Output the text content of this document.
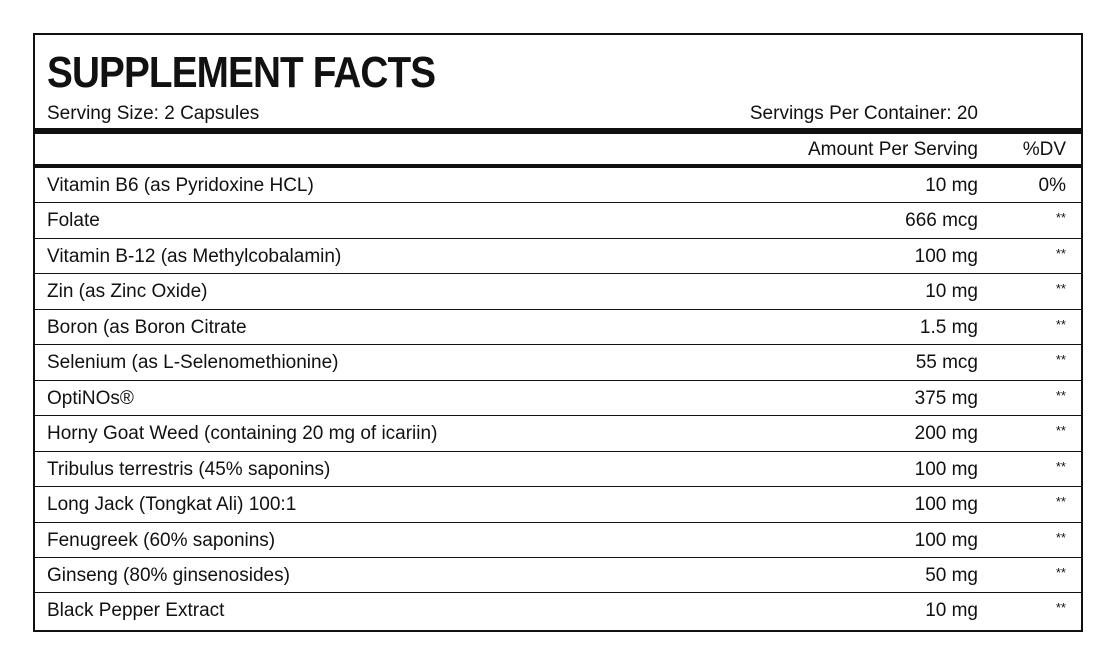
SUPPLEMENT FACTS
Serving Size: 2 Capsules	Servings Per Container: 20
Amount Per Serving %DV
Vitamin B6 (as Pyridoxine HCL)	10 mg	0%
Folate	666 mcg	**
Vitamin B-12 (as Methylcobalamin)	100 mg	**
Zin (as Zinc Oxide)	10 mg	**
Boron (as Boron Citrate	1.5 mg	**
Selenium (as L-Selenomethionine)	55 mcg	**
OptiNOs®	375 mg	**
Horny Goat Weed (containing 20 mg of icariin)	200 mg	**
Tribulus terrestris (45% saponins)	100 mg	**
Long Jack (Tongkat Ali) 100:1	100 mg	**
Fenugreek (60% saponins)	100 mg	**
Ginseng (80% ginsenosides)	50 mg	**
Black Pepper Extract	10 mg	**
